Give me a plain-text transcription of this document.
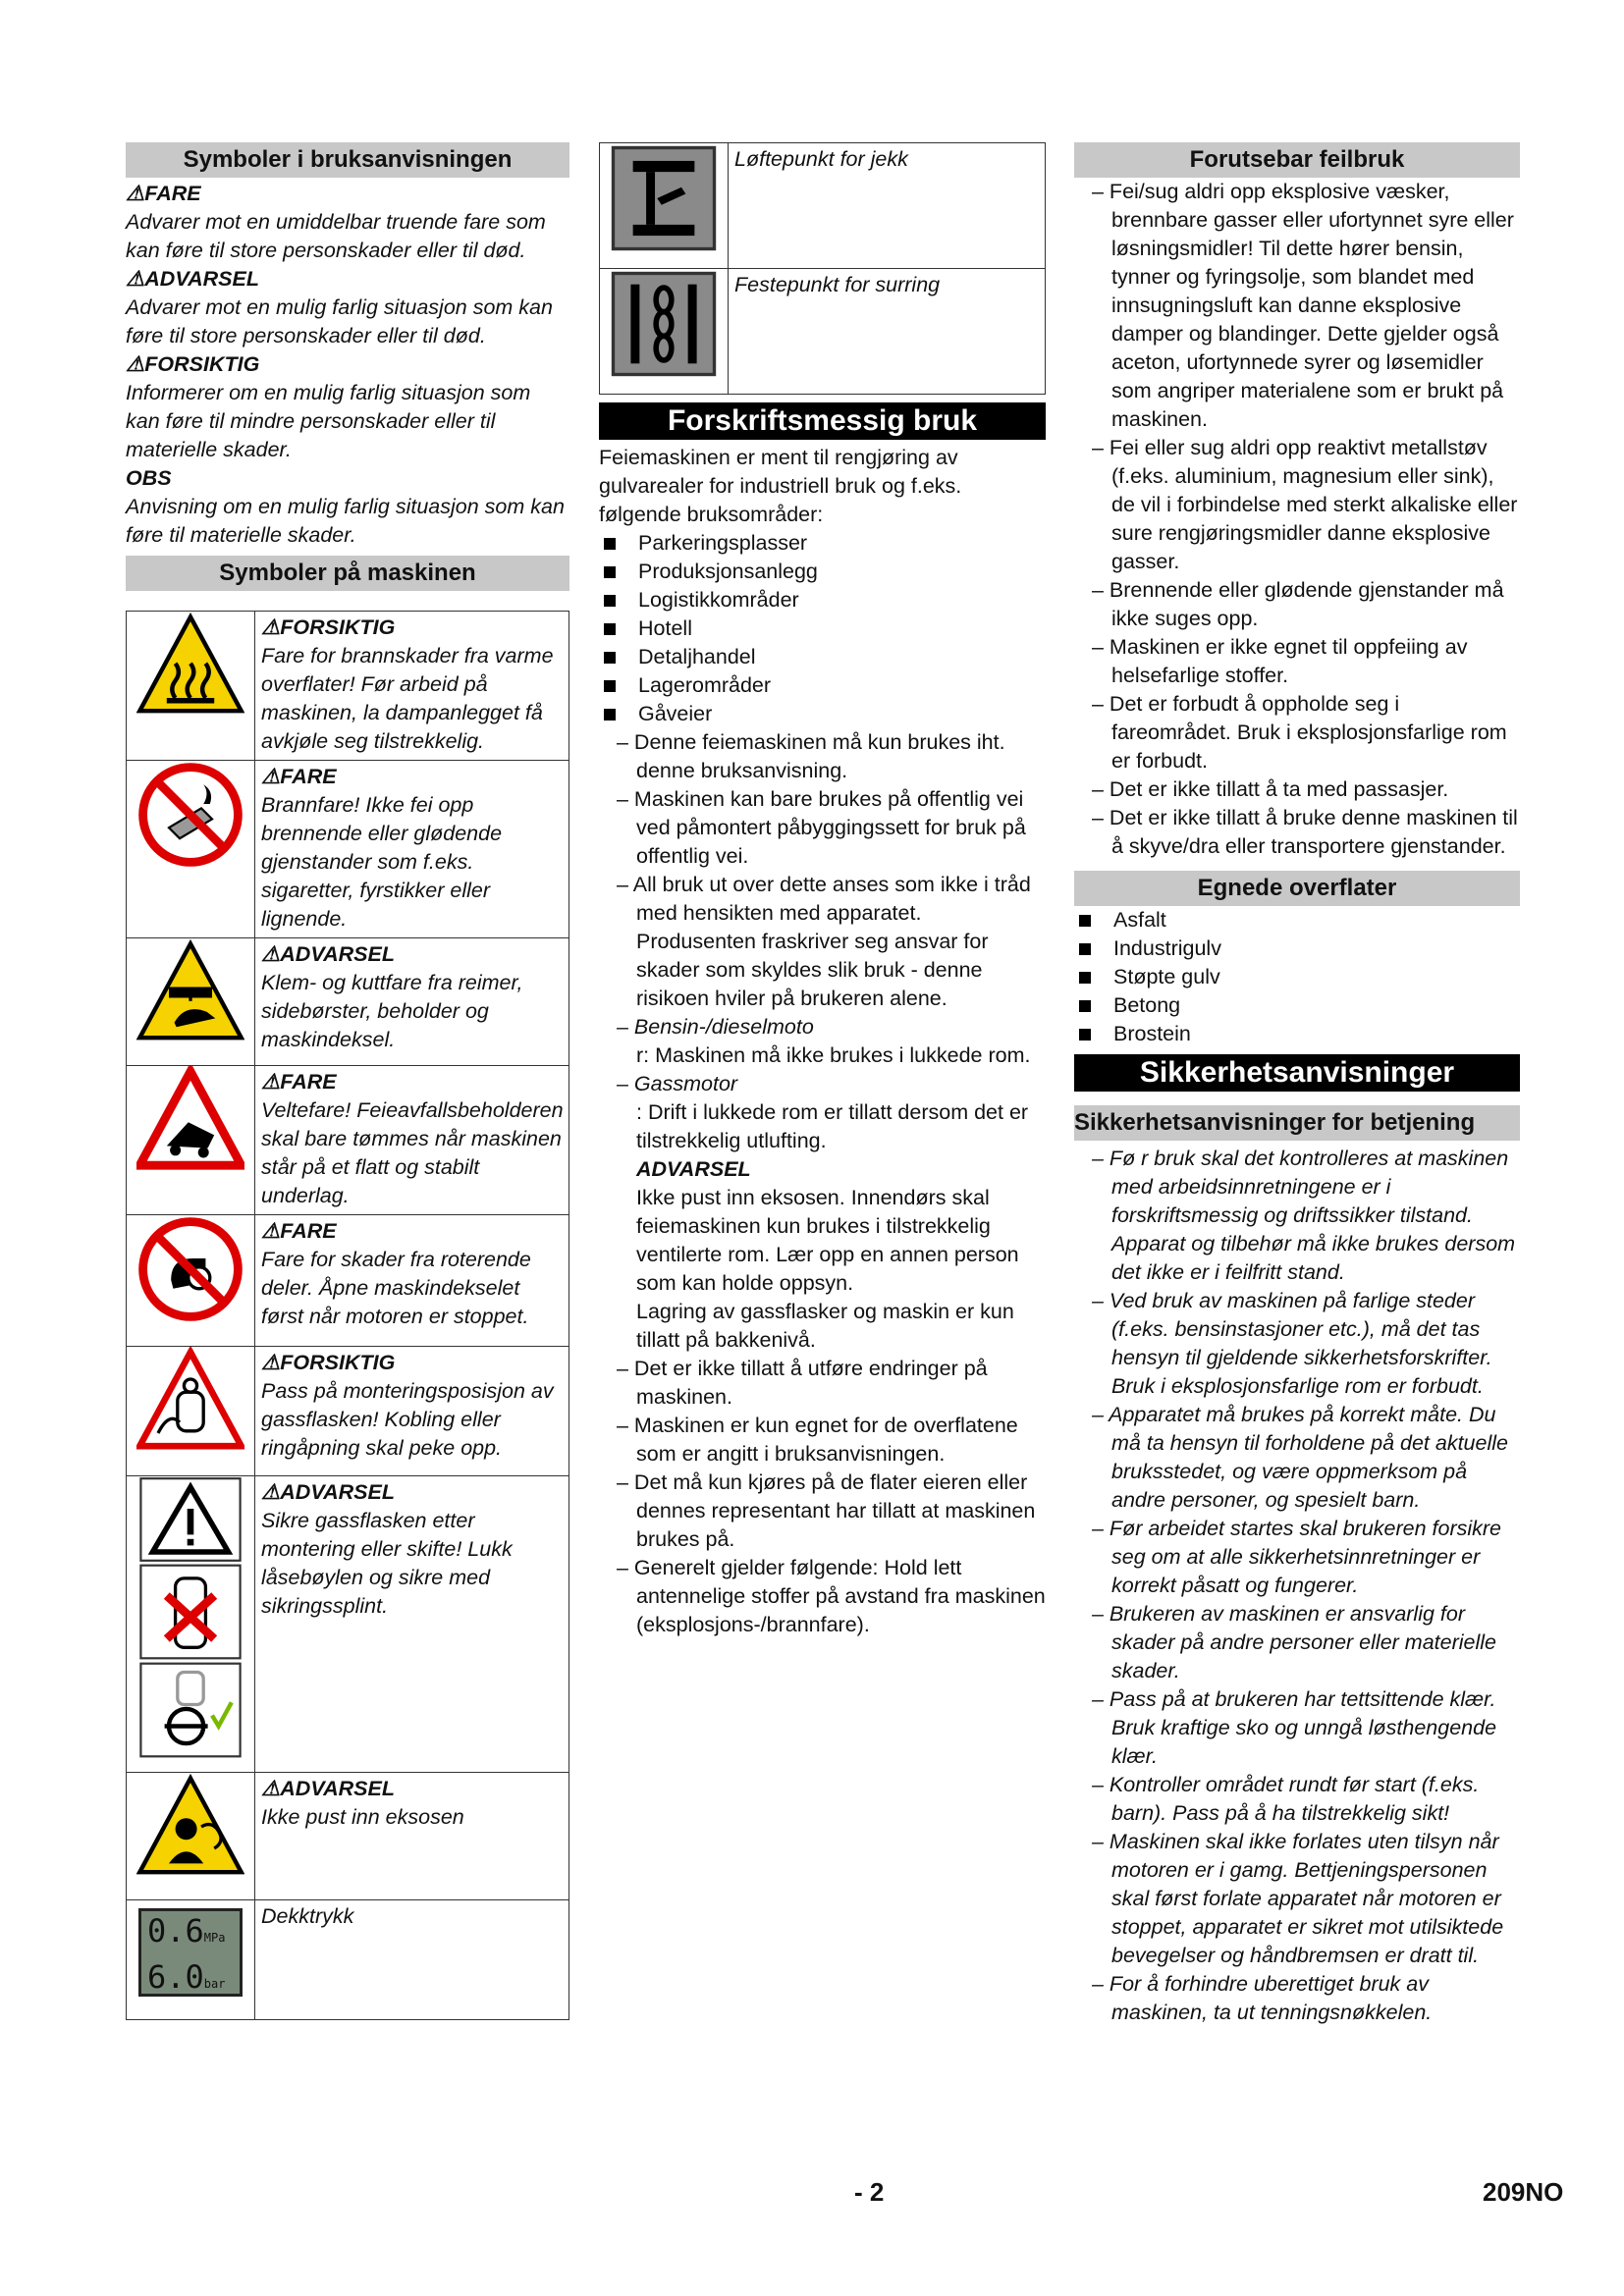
Symboler i bruksanvisningen
⚠FARE
Advarer mot en umiddelbar truende fare som kan føre til store personskader eller til død.
⚠ADVARSEL
Advarer mot en mulig farlig situasjon som kan føre til store personskader eller til død.
⚠FORSIKTIG
Informerer om en mulig farlig situasjon som kan føre til mindre personskader eller til materielle skader.
OBS
Anvisning om en mulig farlig situasjon som kan føre til materielle skader.
Symboler på maskinen

⚠FORSIKTIG
Fare for brannskader fra varme overflater! Før arbeid på maskinen, la dampanlegget få avkjøle seg tilstrekkelig.

⚠FARE
Brannfare! Ikke fei opp brennende eller glødende gjenstander som f.eks. sigaretter, fyrstikker eller lignende.

⚠ADVARSEL
Klem- og kuttfare fra reimer, sidebørster, beholder og maskindeksel.

⚠FARE
Veltefare! Feieavfallsbeholderen skal bare tømmes når maskinen står på et flatt og stabilt underlag.

⚠FARE
Fare for skader fra roterende deler. Åpne maskindekselet først når motoren er stoppet.

⚠FORSIKTIG
Pass på monteringsposisjon av gassflasken! Kobling eller ringåpning skal peke opp.

⚠ADVARSEL
Sikre gassflasken etter montering eller skifte! Lukk låsebøylen og sikre med sikringssplint.

⚠ADVARSEL
Ikke pust inn eksosen

0.6MPa
6.0bar	Dekktrykk

Løftepunkt for jekk

Festepunkt for surring
Forskriftsmessig bruk
Feiemaskinen er ment til rengjøring av gulvarealer for industriell bruk og f.eks. følgende bruksområder:
Parkeringsplasser
Produksjonsanlegg
Logistikkområder
Hotell
Detaljhandel
Lagerområder
Gåveier
– Denne feiemaskinen må kun brukes iht. denne bruksanvisning.
– Maskinen kan bare brukes på offentlig vei ved påmontert påbyggingssett for bruk på offentlig vei.
– All bruk ut over dette anses som ikke i tråd med hensikten med apparatet. Produsenten fraskriver seg ansvar for skader som skyldes slik bruk - denne risikoen hviler på brukeren alene.
– Bensin-/dieselmoto
r: Maskinen må ikke brukes i lukkede rom.
– Gassmotor
: Drift i lukkede rom er tillatt dersom det er tilstrekkelig utlufting.
ADVARSEL
Ikke pust inn eksosen. Innendørs skal feiemaskinen kun brukes i tilstrekkelig ventilerte rom. Lær opp en annen person som kan holde oppsyn.
Lagring av gassflasker og maskin er kun tillatt på bakkenivå.
– Det er ikke tillatt å utføre endringer på maskinen.
– Maskinen er kun egnet for de overflatene som er angitt i bruksanvisningen.
– Det må kun kjøres på de flater eieren eller dennes representant har tillatt at maskinen brukes på.
– Generelt gjelder følgende: Hold lett antennelige stoffer på avstand fra maskinen (eksplosjons-/brannfare).
Forutsebar feilbruk
– Fei/sug aldri opp eksplosive væsker, brennbare gasser eller ufortynnet syre eller løsningsmidler! Til dette hører bensin, tynner og fyringsolje, som blandet med innsugningsluft kan danne eksplosive damper og blandinger. Dette gjelder også aceton, ufortynnede syrer og løsemidler som angriper materialene som er brukt på maskinen.
– Fei eller sug aldri opp reaktivt metallstøv (f.eks. aluminium, magnesium eller sink), de vil i forbindelse med sterkt alkaliske eller sure rengjøringsmidler danne eksplosive gasser.
– Brennende eller glødende gjenstander må ikke suges opp.
– Maskinen er ikke egnet til oppfeiing av helsefarlige stoffer.
– Det er forbudt å oppholde seg i fareområdet. Bruk i eksplosjonsfarlige rom er forbudt.
– Det er ikke tillatt å ta med passasjer.
– Det er ikke tillatt å bruke denne maskinen til å skyve/dra eller transportere gjenstander.
Egnede overflater
Asfalt
Industrigulv
Støpte gulv
Betong
Brostein
Sikkerhetsanvisninger
Sikkerhetsanvisninger for betjening
– Fø r bruk skal det kontrolleres at maskinen med arbeidsinnretningene er i forskriftsmessig og driftssikker tilstand. Apparat og tilbehør må ikke brukes dersom det ikke er i feilfritt stand.
– Ved bruk av maskinen på farlige steder (f.eks. bensinstasjoner etc.), må det tas hensyn til gjeldende sikkerhetsforskrifter. Bruk i eksplosjonsfarlige rom er forbudt.
– Apparatet må brukes på korrekt måte. Du må ta hensyn til forholdene på det aktuelle bruksstedet, og være oppmerksom på andre personer, og spesielt barn.
– Før arbeidet startes skal brukeren forsikre seg om at alle sikkerhetsinnretninger er korrekt påsatt og fungerer.
– Brukeren av maskinen er ansvarlig for skader på andre personer eller materielle skader.
– Pass på at brukeren har tettsittende klær. Bruk kraftige sko og unngå løsthengende klær.
– Kontroller området rundt før start (f.eks. barn). Pass på å ha tilstrekkelig sikt!
– Maskinen skal ikke forlates uten tilsyn når motoren er i gamg. Bettjeningspersonen skal først forlate apparatet når motoren er stoppet, apparatet er sikret mot utilsiktede bevegelser og håndbremsen er dratt til.
– For å forhindre uberettiget bruk av maskinen, ta ut tenningsnøkkelen.
- 2	209NO
